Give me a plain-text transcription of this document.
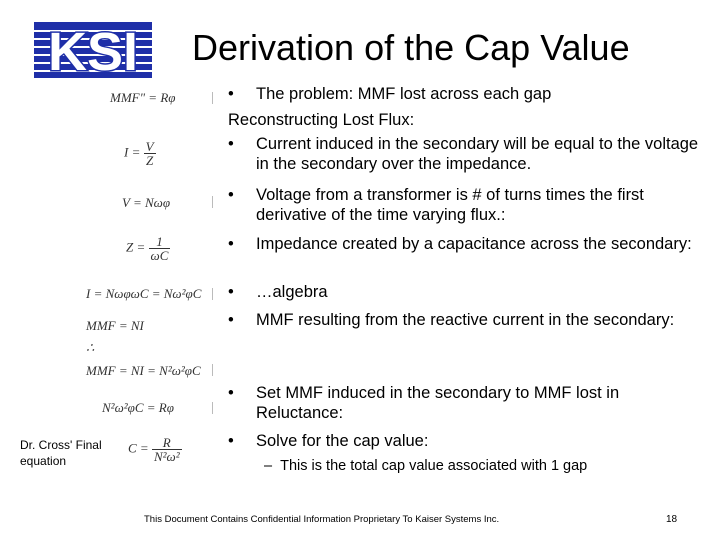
KSI Derivation of the Cap Value
MMF" = Rφ
$I = \frac{V}{Z}$
V = Nωφ
$Z = \frac{1}{\omega C}$
I = NωφωC = Nω²φC
MMF = NI
∴
MMF = NI = N²ω²φC
N²ω²φC = Rφ
$C = \frac{R}{\text{N²ω²}}$
•	The problem: MMF lost across each gap
Reconstructing Lost Flux:
•	Current induced in the secondary will be equal to the voltage in the secondary over the impedance.
•	Voltage from a transformer is # of turns times the first derivative of the time varying flux.:
•	Impedance created by a capacitance across the secondary:
•	…algebra
•	MMF resulting from the reactive current in the secondary:
•	Set MMF induced in the secondary to MMF lost in Reluctance:
•	Solve for the cap value:
– This is the total cap value associated with 1 gap
Dr. Cross' Final equation
This Document Contains Confidential Information Proprietary To Kaiser Systems Inc.	18
